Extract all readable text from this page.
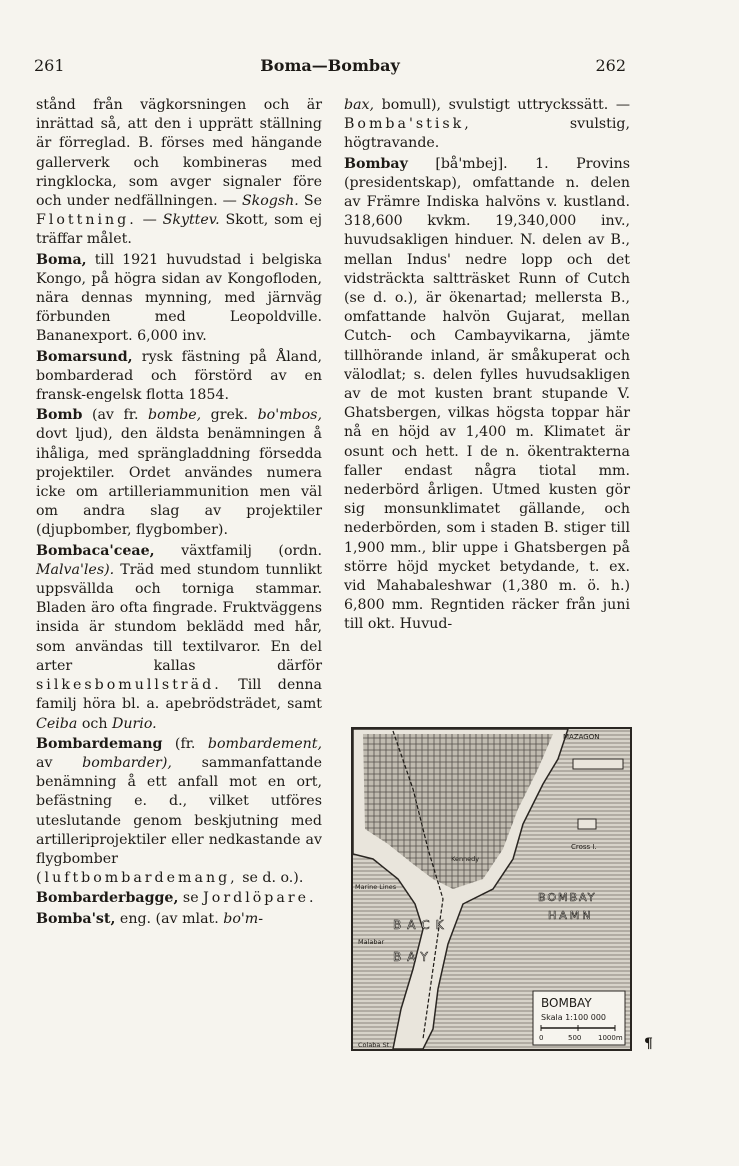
261	Boma—Bombay	262

stånd från vägkorsningen och är inrättad så, att den i upprätt ställning är förreglad. B. förses med hängande gallerverk och kombineras med ringklocka, som avger signaler före och under nedfällningen. — Skogsh. Se Flottning. — Skyttev. Skott, som ej träffar målet.

Boma, till 1921 huvudstad i belgiska Kongo, på högra sidan av Kongofloden, nära dennas mynning, med järnväg förbunden med Leopoldville. Bananexport. 6,000 inv.

Bomarsund, rysk fästning på Åland, bombarderad och förstörd av en fransk-engelsk flotta 1854.

Bomb (av fr. bombe, grek. bo'mbos, dovt ljud), den äldsta benämningen å ihåliga, med sprängladdning försedda projektiler. Ordet användes numera icke om artilleriammunition men väl om andra slag av projektiler (djupbomber, flygbomber).

Bombaca'ceae, växtfamilj (ordn. Malva'les). Träd med stundom tunnlikt uppsvällda och torniga stammar. Bladen äro ofta fingrade. Fruktväggens insida är stundom beklädd med hår, som användas till textilvaror. En del arter kallas därför silkesbomullsträd. Till denna familj höra bl. a. apebrödsträdet, samt Ceiba och Durio.

Bombardemang (fr. bombardement, av bombarder), sammanfattande benämning å ett anfall mot en ort, befästning e. d., vilket utföres uteslutande genom beskjutning med artilleriprojektiler eller nedkastande av flygbomber (luftbombardemang, se d. o.).

Bombarderbagge, se Jordlöpare.

Bomba'st, eng. (av mlat. bo'm-

bax, bomull), svulstigt uttryckssätt. — Bomba'stisk,	svulstig, högtravande.

Bombay [bå'mbej]. 1. Provins (presidentskap), omfattande n. delen av Främre Indiska halvöns v. kustland. 318,600 kvkm. 19,340,000 inv., huvudsakligen hinduer. N. delen av B., mellan Indus' nedre lopp och det vidsträckta saltträsket Runn of Cutch (se d. o.), är ökenartad; mellersta B., omfattande halvön Gujarat, mellan Cutch- och Cambayvikarna, jämte tillhörande inland, är småkuperat och välodlat; s. delen fylles huvudsakligen av de mot kusten brant stupande V. Ghatsbergen, vilkas högsta toppar här nå en höjd av 1,400 m. Klimatet är osunt och hett. I de n. ökentrakterna faller endast några tiotal mm. nederbörd årligen. Utmed kusten gör sig monsunklimatet gällande, och nederbörden, som i staden B. stiger till 1,900 mm., blir uppe i Ghatsbergen på större höjd mycket betydande, t. ex. vid Mahabaleshwar (1,380 m. ö. h.) 6,800 mm. Regntiden räcker från juni till okt. Huvud-

MAZAGON
Cross I.
Marine Lines
Malabar
Kennedy
BACK
BAY
BOMBAY
HAMN
Colaba St.
BOMBAY
Skala 1:100 000
0	500 1000m ¶
